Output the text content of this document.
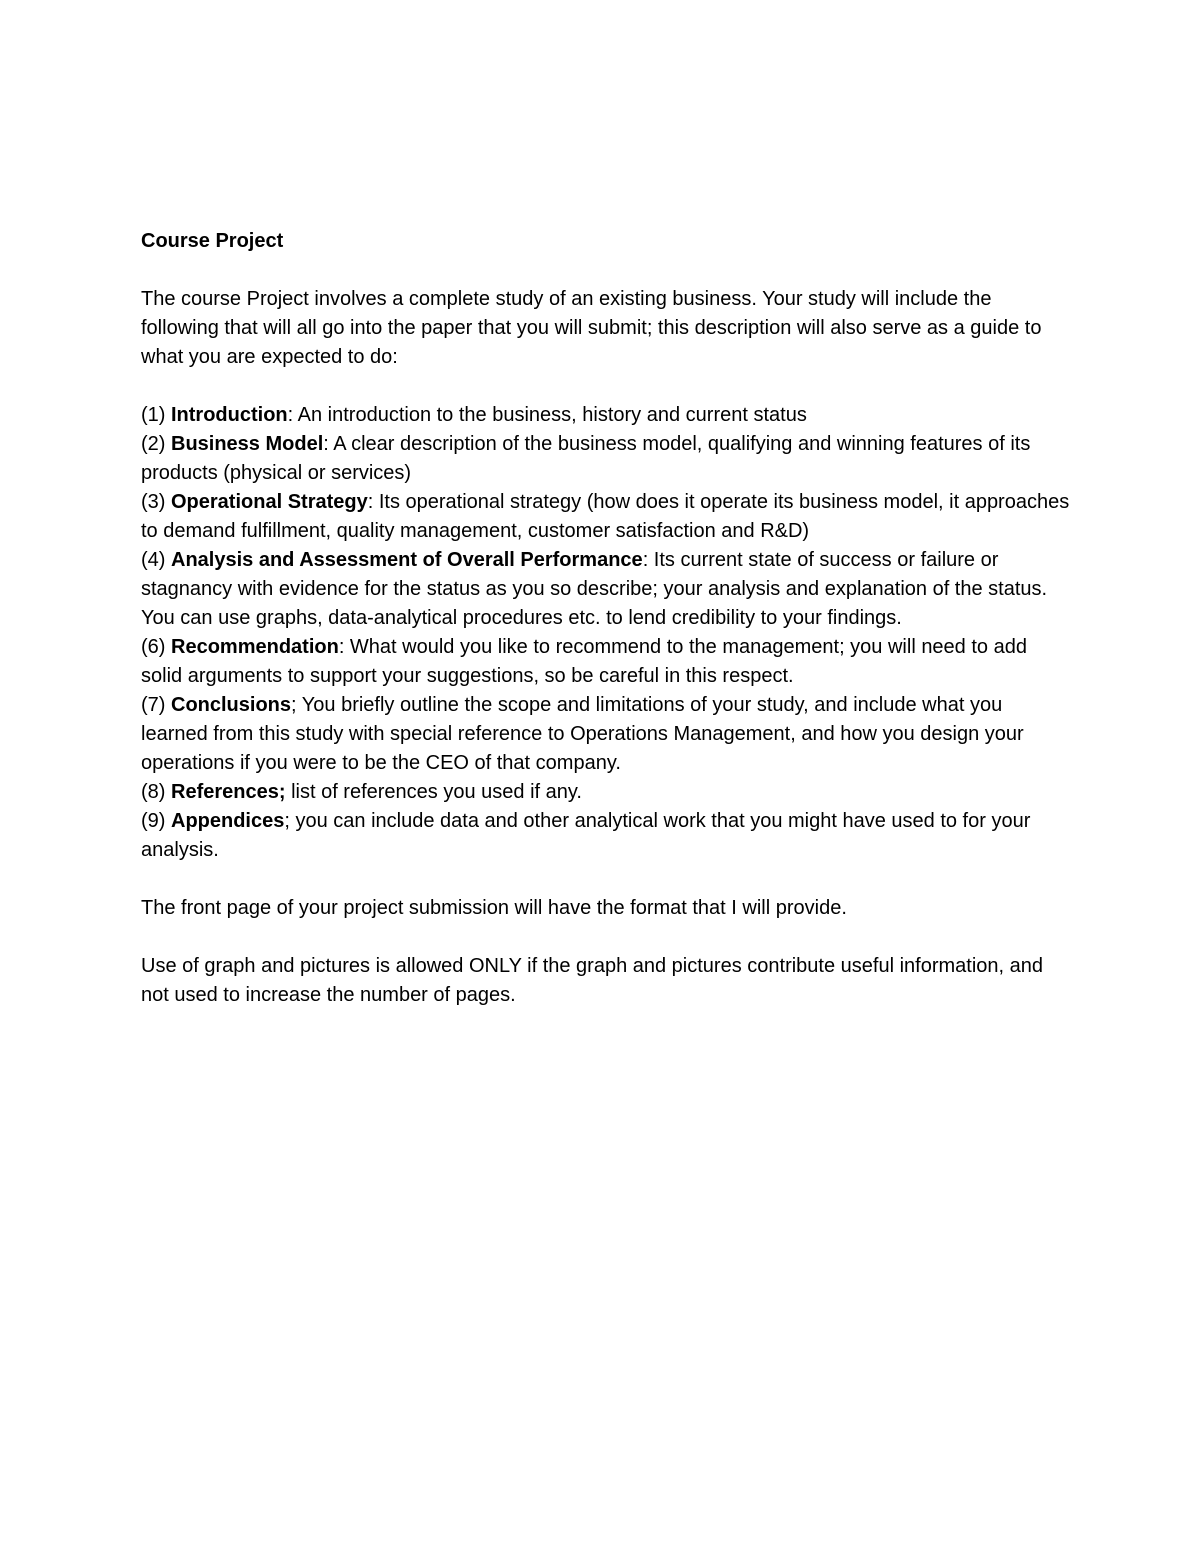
Course Project
The course Project involves a complete study of an existing business. Your study will include the following that will all go into the paper that you will submit; this description will also serve as a guide to what you are expected to do:
(1) Introduction: An introduction to the business, history and current status
(2) Business Model: A clear description of the business model, qualifying and winning features of its products (physical or services)
(3) Operational Strategy: Its operational strategy (how does it operate its business model, it approaches to demand fulfillment, quality management, customer satisfaction and R&D)
(4) Analysis and Assessment of Overall Performance: Its current state of success or failure or stagnancy with evidence for the status as you so describe; your analysis and explanation of the status. You can use graphs, data-analytical procedures etc. to lend credibility to your findings.
(6) Recommendation: What would you like to recommend to the management; you will need to add solid arguments to support your suggestions, so be careful in this respect.
(7) Conclusions; You briefly outline the scope and limitations of your study, and include what you learned from this study with special reference to Operations Management, and how you design your operations if you were to be the CEO of that company.
(8) References; list of references you used if any.
(9) Appendices; you can include data and other analytical work that you might have used to for your analysis.
The front page of your project submission will have the format that I will provide.
Use of graph and pictures is allowed ONLY if the graph and pictures contribute useful information, and not used to increase the number of pages.
